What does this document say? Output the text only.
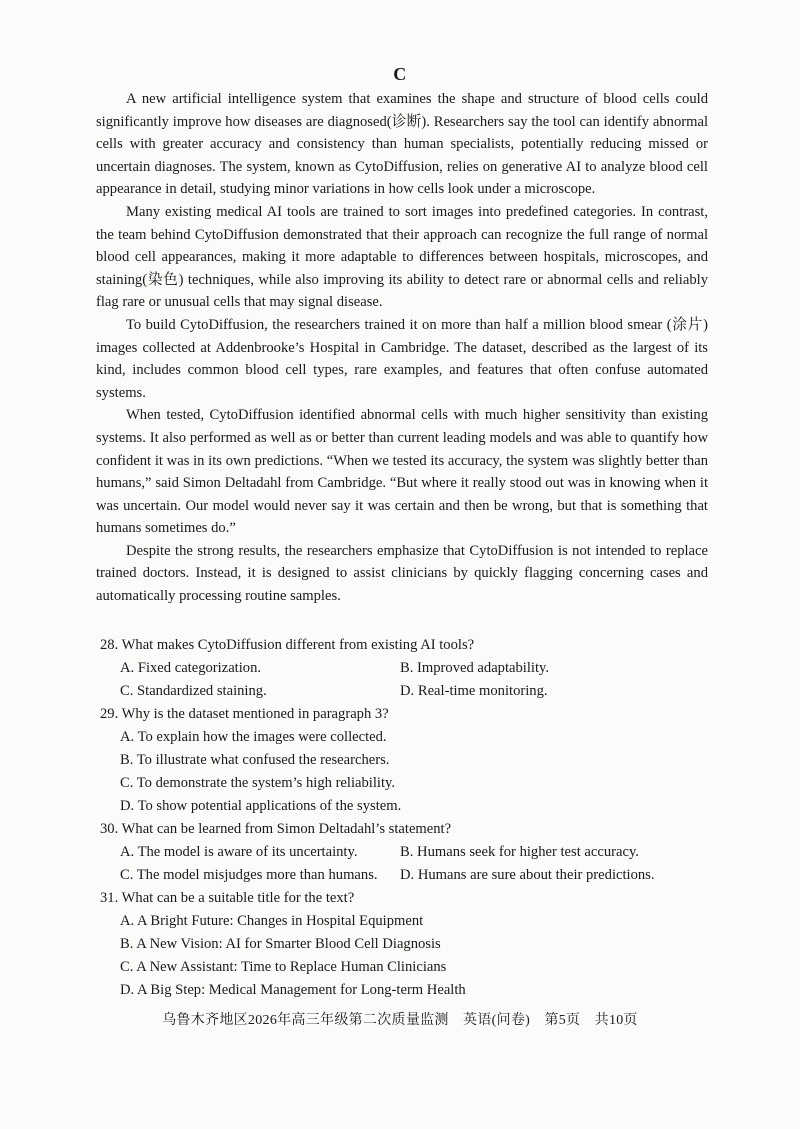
C

A new artificial intelligence system that examines the shape and structure of blood cells could significantly improve how diseases are diagnosed(诊断). Researchers say the tool can identify abnormal cells with greater accuracy and consistency than human specialists, potentially reducing missed or uncertain diagnoses. The system, known as CytoDiffusion, relies on generative AI to analyze blood cell appearance in detail, studying minor variations in how cells look under a microscope.

Many existing medical AI tools are trained to sort images into predefined categories. In contrast, the team behind CytoDiffusion demonstrated that their approach can recognize the full range of normal blood cell appearances, making it more adaptable to differences between hospitals, microscopes, and staining(染色) techniques, while also improving its ability to detect rare or abnormal cells and reliably flag rare or unusual cells that may signal disease.

To build CytoDiffusion, the researchers trained it on more than half a million blood smear (涂片) images collected at Addenbrooke’s Hospital in Cambridge. The dataset, described as the largest of its kind, includes common blood cell types, rare examples, and features that often confuse automated systems.

When tested, CytoDiffusion identified abnormal cells with much higher sensitivity than existing systems. It also performed as well as or better than current leading models and was able to quantify how confident it was in its own predictions. “When we tested its accuracy, the system was slightly better than humans,” said Simon Deltadahl from Cambridge. “But where it really stood out was in knowing when it was uncertain. Our model would never say it was certain and then be wrong, but that is something that humans sometimes do.”

Despite the strong results, the researchers emphasize that CytoDiffusion is not intended to replace trained doctors. Instead, it is designed to assist clinicians by quickly flagging concerning cases and automatically processing routine samples.

28. What makes CytoDiffusion different from existing AI tools?
A. Fixed categorization.	B. Improved adaptability.
C. Standardized staining.	D. Real-time monitoring.
29. Why is the dataset mentioned in paragraph 3?
A. To explain how the images were collected.
B. To illustrate what confused the researchers.
C. To demonstrate the system’s high reliability.
D. To show potential applications of the system.
30. What can be learned from Simon Deltadahl’s statement?
A. The model is aware of its uncertainty.	B. Humans seek for higher test accuracy.
C. The model misjudges more than humans.	D. Humans are sure about their predictions.
31. What can be a suitable title for the text?
A. A Bright Future: Changes in Hospital Equipment
B. A New Vision: AI for Smarter Blood Cell Diagnosis
C. A New Assistant: Time to Replace Human Clinicians
D. A Big Step: Medical Management for Long-term Health
乌鲁木齐地区2026年高三年级第二次质量监测　英语(问卷)　第5页　共10页
